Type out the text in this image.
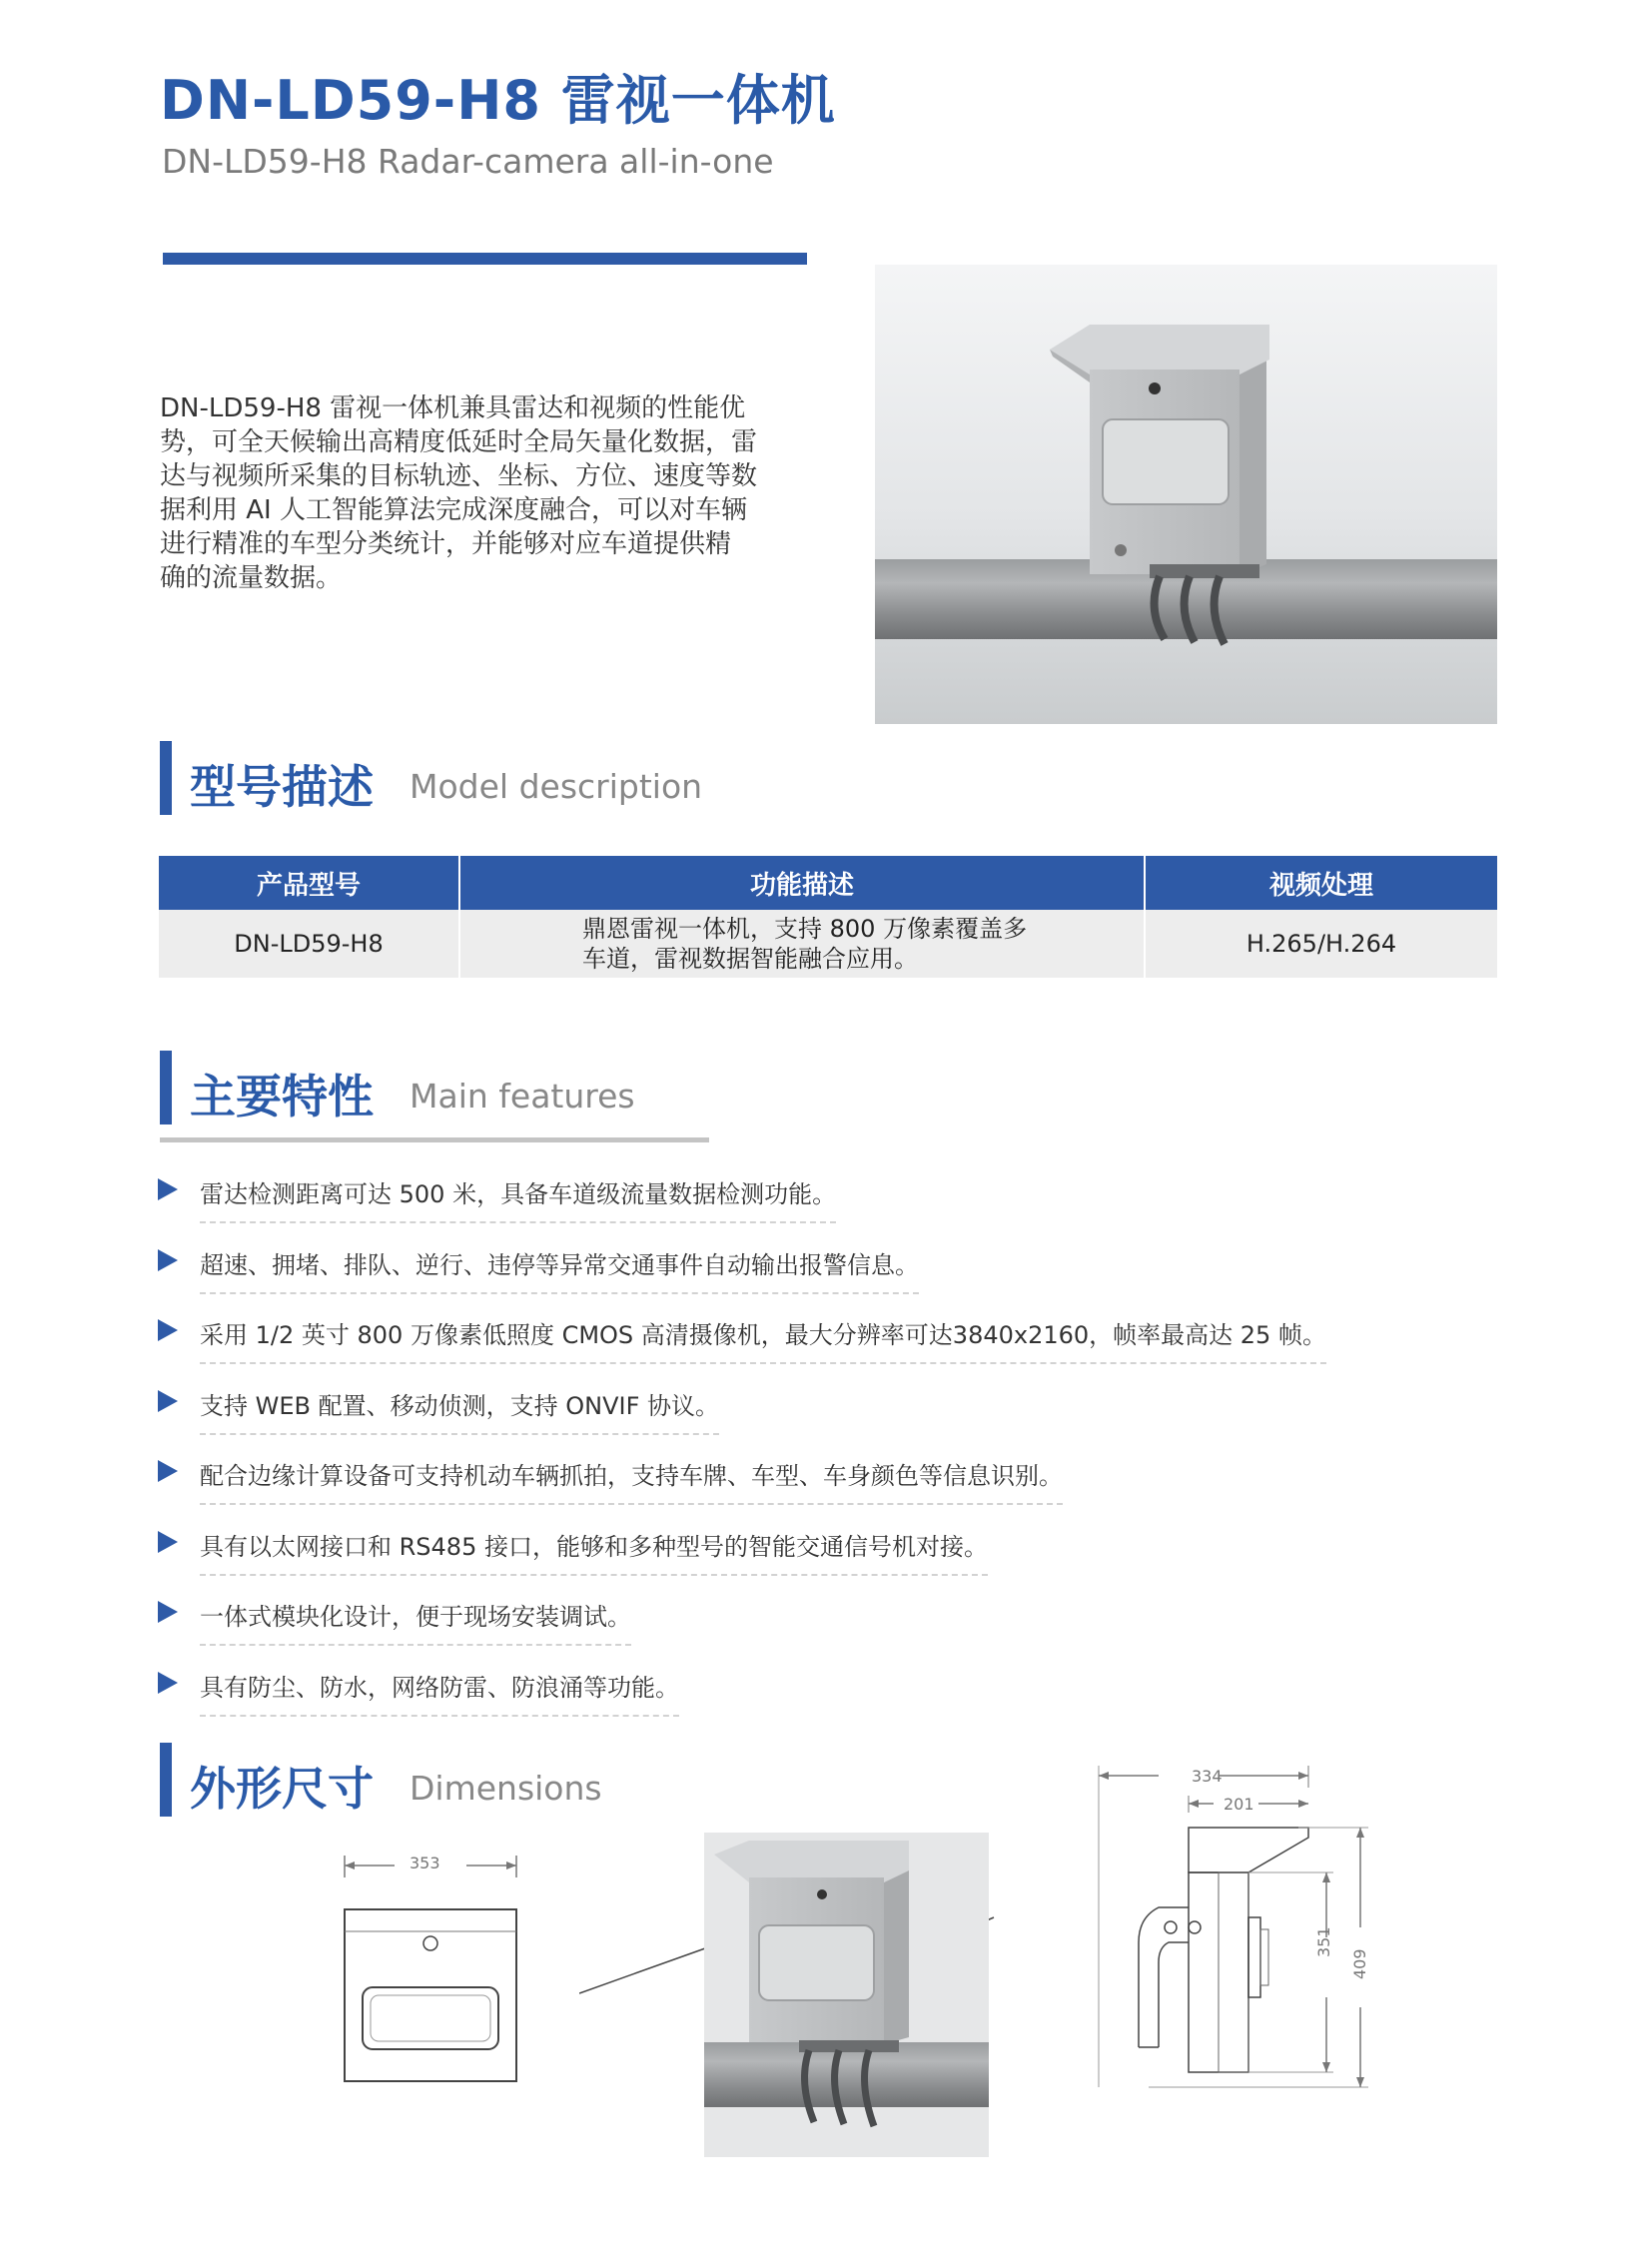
DN-LD59-H8 雷视一体机
DN-LD59-H8 Radar-camera all-in-one
DN-LD59-H8 雷视一体机兼具雷达和视频的性能优
势，可全天候输出高精度低延时全局矢量化数据，雷
达与视频所采集的目标轨迹、坐标、方位、速度等数
据利用 AI 人工智能算法完成深度融合，可以对车辆
进行精准的车型分类统计，并能够对应车道提供精
确的流量数据。
型号描述 Model description
产品型号	功能描述	视频处理
DN-LD59-H8	鼎恩雷视一体机，支持 800 万像素覆盖多
车道，雷视数据智能融合应用。	H.265/H.264
主要特性 Main features
雷达检测距离可达 500 米，具备车道级流量数据检测功能。
超速、拥堵、排队、逆行、违停等异常交通事件自动输出报警信息。
采用 1/2 英寸 800 万像素低照度 CMOS 高清摄像机，最大分辨率可达3840x2160，帧率最高达 25 帧。
支持 WEB 配置、移动侦测，支持 ONVIF 协议。
配合边缘计算设备可支持机动车辆抓拍，支持车牌、车型、车身颜色等信息识别。
具有以太网接口和 RS485 接口，能够和多种型号的智能交通信号机对接。
一体式模块化设计，便于现场安装调试。
具有防尘、防水，网络防雷、防浪涌等功能。
外形尺寸 Dimensions
353
334
201
351
409
